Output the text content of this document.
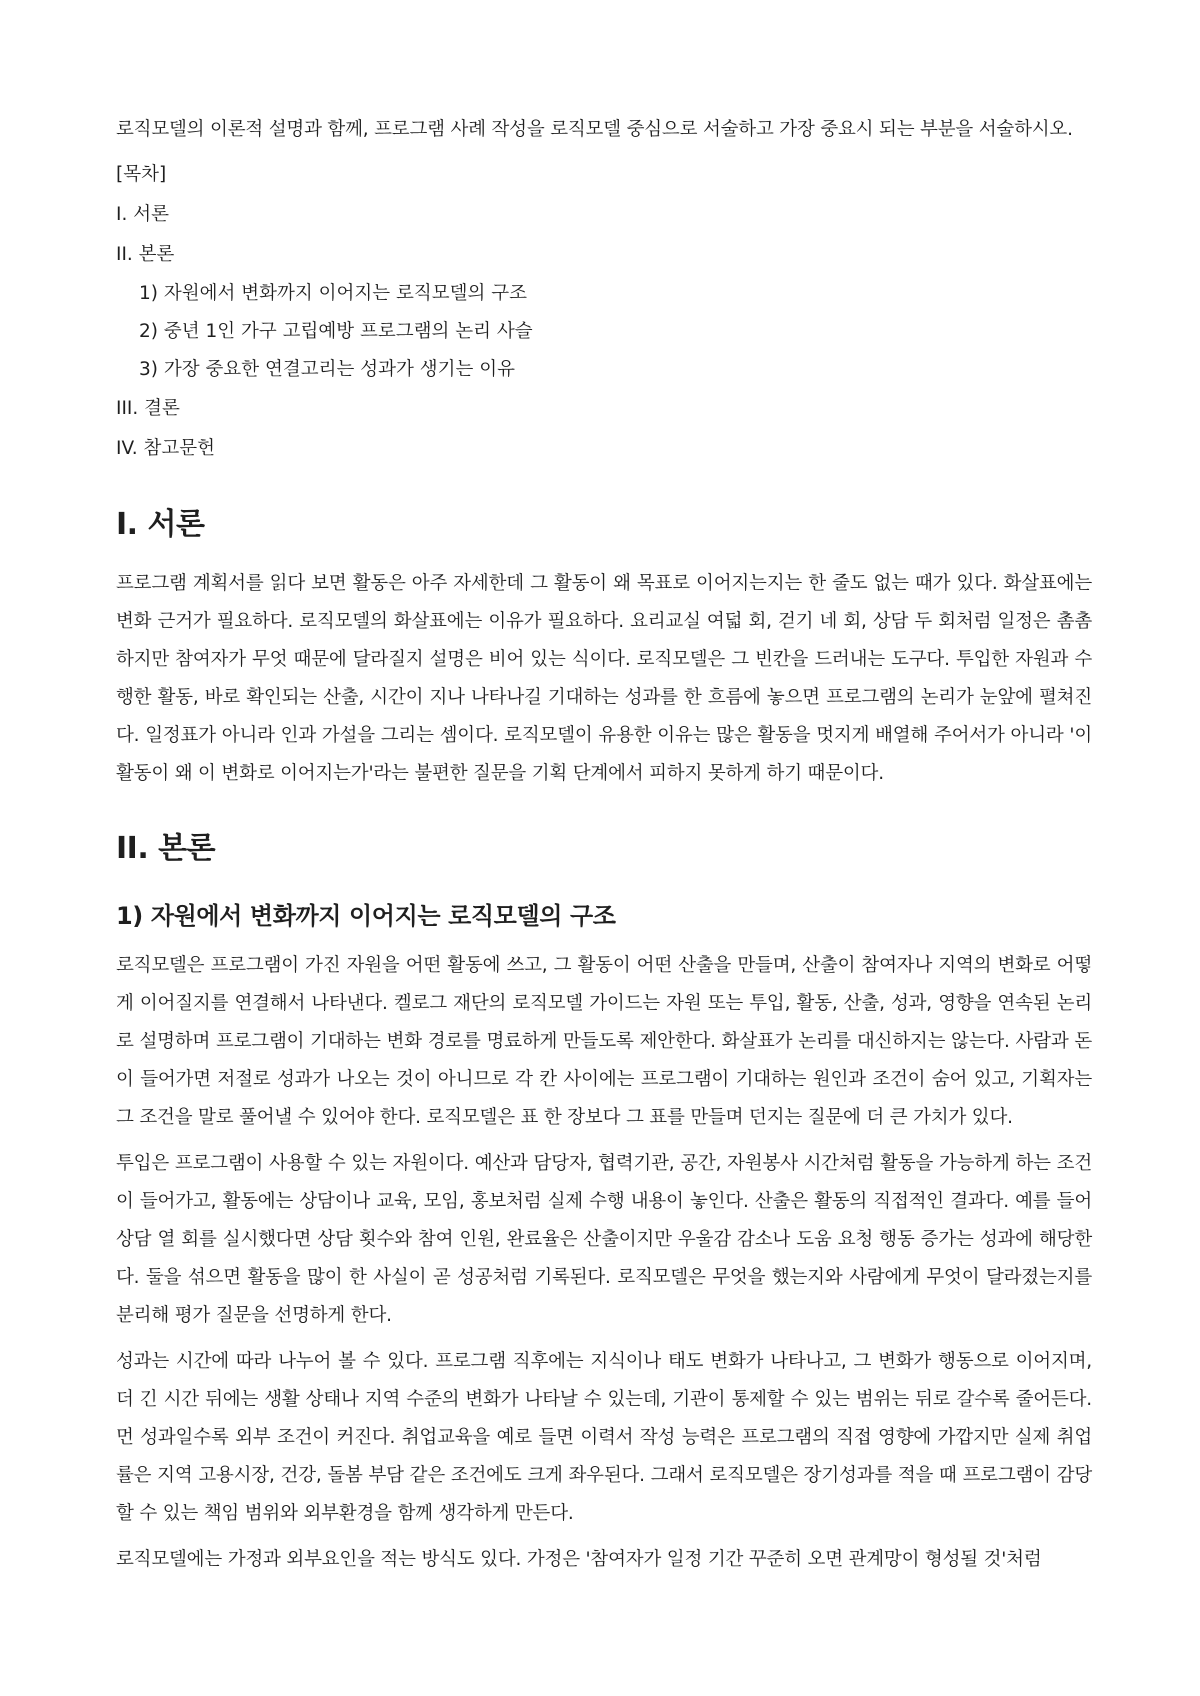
로직모델의 이론적 설명과 함께, 프로그램 사례 작성을 로직모델 중심으로 서술하고 가장 중요시 되는 부분을 서술하시오.

[목차]

I. 서론

II. 본론

1) 자원에서 변화까지 이어지는 로직모델의 구조

2) 중년 1인 가구 고립예방 프로그램의 논리 사슬

3) 가장 중요한 연결고리는 성과가 생기는 이유

III. 결론

IV. 참고문헌

I. 서론

프로그램 계획서를 읽다 보면 활동은 아주 자세한데 그 활동이 왜 목표로 이어지는지는 한 줄도 없는 때가 있다. 화살표에는 변화 근거가 필요하다. 로직모델의 화살표에는 이유가 필요하다. 요리교실 여덟 회, 걷기 네 회, 상담 두 회처럼 일정은 촘촘하지만 참여자가 무엇 때문에 달라질지 설명은 비어 있는 식이다. 로직모델은 그 빈칸을 드러내는 도구다. 투입한 자원과 수행한 활동, 바로 확인되는 산출, 시간이 지나 나타나길 기대하는 성과를 한 흐름에 놓으면 프로그램의 논리가 눈앞에 펼쳐진다. 일정표가 아니라 인과 가설을 그리는 셈이다. 로직모델이 유용한 이유는 많은 활동을 멋지게 배열해 주어서가 아니라 '이 활동이 왜 이 변화로 이어지는가'라는 불편한 질문을 기획 단계에서 피하지 못하게 하기 때문이다.

II. 본론
1) 자원에서 변화까지 이어지는 로직모델의 구조

로직모델은 프로그램이 가진 자원을 어떤 활동에 쓰고, 그 활동이 어떤 산출을 만들며, 산출이 참여자나 지역의 변화로 어떻게 이어질지를 연결해서 나타낸다. 켈로그 재단의 로직모델 가이드는 자원 또는 투입, 활동, 산출, 성과, 영향을 연속된 논리로 설명하며 프로그램이 기대하는 변화 경로를 명료하게 만들도록 제안한다. 화살표가 논리를 대신하지는 않는다. 사람과 돈이 들어가면 저절로 성과가 나오는 것이 아니므로 각 칸 사이에는 프로그램이 기대하는 원인과 조건이 숨어 있고, 기획자는 그 조건을 말로 풀어낼 수 있어야 한다. 로직모델은 표 한 장보다 그 표를 만들며 던지는 질문에 더 큰 가치가 있다.

투입은 프로그램이 사용할 수 있는 자원이다. 예산과 담당자, 협력기관, 공간, 자원봉사 시간처럼 활동을 가능하게 하는 조건이 들어가고, 활동에는 상담이나 교육, 모임, 홍보처럼 실제 수행 내용이 놓인다. 산출은 활동의 직접적인 결과다. 예를 들어 상담 열 회를 실시했다면 상담 횟수와 참여 인원, 완료율은 산출이지만 우울감 감소나 도움 요청 행동 증가는 성과에 해당한다. 둘을 섞으면 활동을 많이 한 사실이 곧 성공처럼 기록된다. 로직모델은 무엇을 했는지와 사람에게 무엇이 달라졌는지를 분리해 평가 질문을 선명하게 한다.

성과는 시간에 따라 나누어 볼 수 있다. 프로그램 직후에는 지식이나 태도 변화가 나타나고, 그 변화가 행동으로 이어지며, 더 긴 시간 뒤에는 생활 상태나 지역 수준의 변화가 나타날 수 있는데, 기관이 통제할 수 있는 범위는 뒤로 갈수록 줄어든다. 먼 성과일수록 외부 조건이 커진다. 취업교육을 예로 들면 이력서 작성 능력은 프로그램의 직접 영향에 가깝지만 실제 취업률은 지역 고용시장, 건강, 돌봄 부담 같은 조건에도 크게 좌우된다. 그래서 로직모델은 장기성과를 적을 때 프로그램이 감당할 수 있는 책임 범위와 외부환경을 함께 생각하게 만든다.

로직모델에는 가정과 외부요인을 적는 방식도 있다. 가정은 '참여자가 일정 기간 꾸준히 오면 관계망이 형성될 것'처럼
